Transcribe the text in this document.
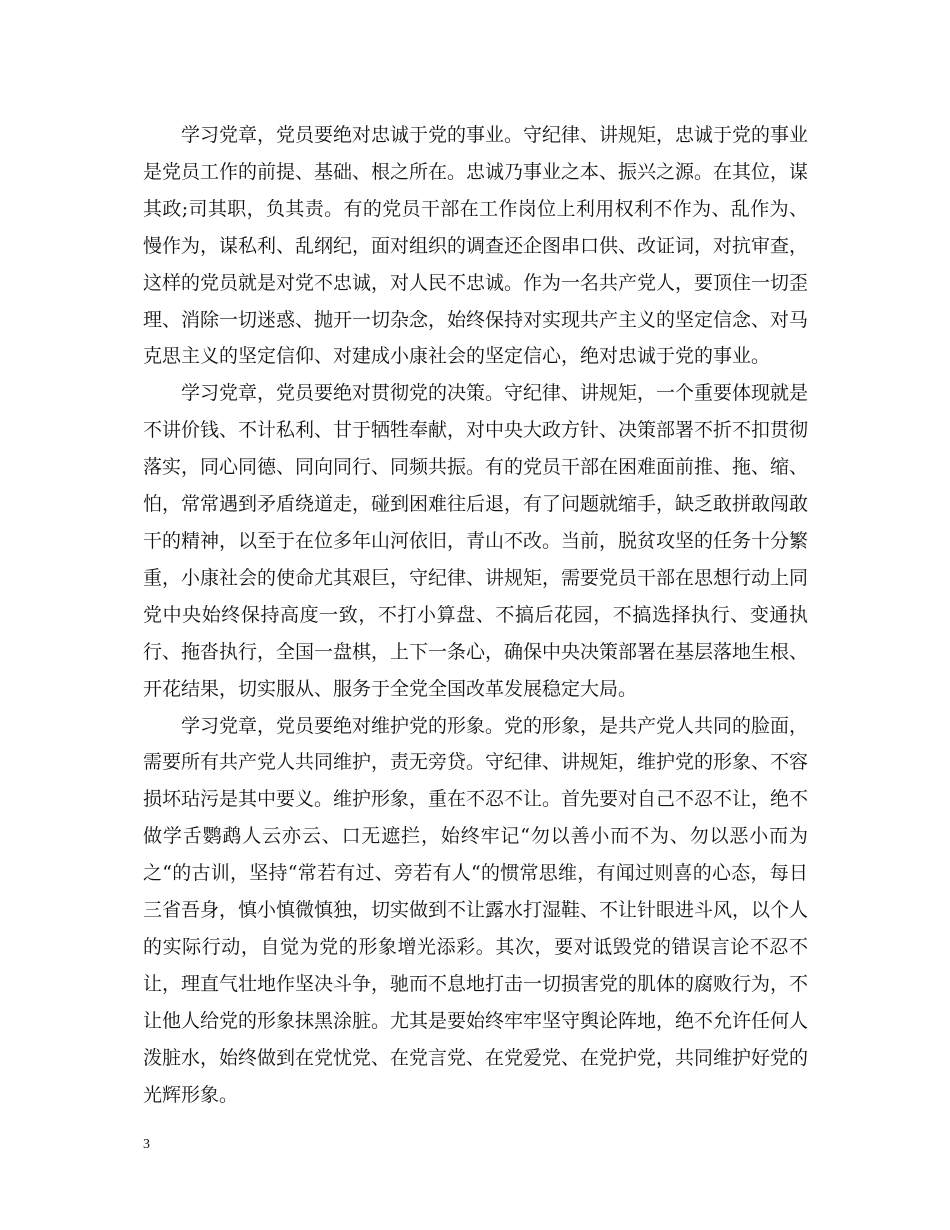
学习党章，党员要绝对忠诚于党的事业。守纪律、讲规矩，忠诚于党的事业是党员工作的前提、基础、根之所在。忠诚乃事业之本、振兴之源。在其位，谋其政;司其职，负其责。有的党员干部在工作岗位上利用权利不作为、乱作为、慢作为，谋私利、乱纲纪，面对组织的调查还企图串口供、改证词，对抗审查，这样的党员就是对党不忠诚，对人民不忠诚。作为一名共产党人，要顶住一切歪理、消除一切迷惑、抛开一切杂念，始终保持对实现共产主义的坚定信念、对马克思主义的坚定信仰、对建成小康社会的坚定信心，绝对忠诚于党的事业。

学习党章，党员要绝对贯彻党的决策。守纪律、讲规矩，一个重要体现就是不讲价钱、不计私利、甘于牺牲奉献，对中央大政方针、决策部署不折不扣贯彻落实，同心同德、同向同行、同频共振。有的党员干部在困难面前推、拖、缩、怕，常常遇到矛盾绕道走，碰到困难往后退，有了问题就缩手，缺乏敢拼敢闯敢干的精神，以至于在位多年山河依旧，青山不改。当前，脱贫攻坚的任务十分繁重，小康社会的使命尤其艰巨，守纪律、讲规矩，需要党员干部在思想行动上同党中央始终保持高度一致，不打小算盘、不搞后花园，不搞选择执行、变通执行、拖沓执行，全国一盘棋，上下一条心，确保中央决策部署在基层落地生根、开花结果，切实服从、服务于全党全国改革发展稳定大局。

学习党章，党员要绝对维护党的形象。党的形象，是共产党人共同的脸面，需要所有共产党人共同维护，责无旁贷。守纪律、讲规矩，维护党的形象、不容损坏玷污是其中要义。维护形象，重在不忍不让。首先要对自己不忍不让，绝不做学舌鹦鹉人云亦云、口无遮拦，始终牢记“勿以善小而不为、勿以恶小而为之“的古训，坚持“常若有过、旁若有人“的惯常思维，有闻过则喜的心态，每日三省吾身，慎小慎微慎独，切实做到不让露水打湿鞋、不让针眼进斗风，以个人的实际行动，自觉为党的形象增光添彩。其次，要对诋毁党的错误言论不忍不让，理直气壮地作坚决斗争，驰而不息地打击一切损害党的肌体的腐败行为，不让他人给党的形象抹黑涂脏。尤其是要始终牢牢坚守舆论阵地，绝不允许任何人泼脏水，始终做到在党忧党、在党言党、在党爱党、在党护党，共同维护好党的光辉形象。

3
